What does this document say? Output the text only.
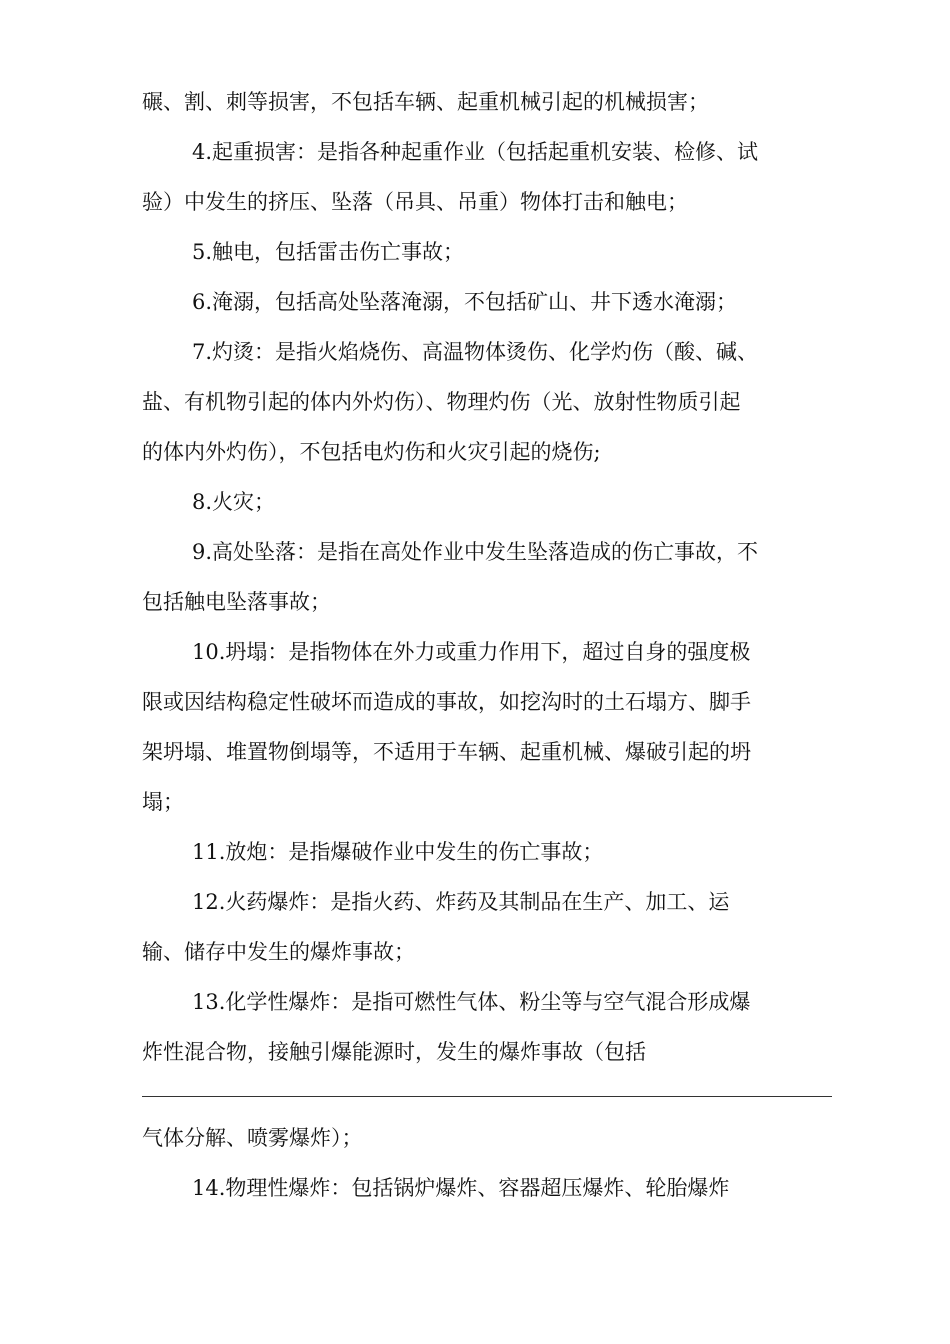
碾、割、刺等损害，不包括车辆、起重机械引起的机械损害；
4.起重损害：是指各种起重作业（包括起重机安装、检修、试
验）中发生的挤压、坠落（吊具、吊重）物体打击和触电；
5.触电，包括雷击伤亡事故；
6.淹溺，包括高处坠落淹溺，不包括矿山、井下透水淹溺；
7.灼烫：是指火焰烧伤、高温物体烫伤、化学灼伤（酸、碱、
盐、有机物引起的体内外灼伤）、物理灼伤（光、放射性物质引起
的体内外灼伤），不包括电灼伤和火灾引起的烧伤;
8.火灾；
9.高处坠落：是指在高处作业中发生坠落造成的伤亡事故，不
包括触电坠落事故；
10.坍塌：是指物体在外力或重力作用下，超过自身的强度极
限或因结构稳定性破坏而造成的事故，如挖沟时的土石塌方、脚手
架坍塌、堆置物倒塌等，不适用于车辆、起重机械、爆破引起的坍
塌；
11.放炮：是指爆破作业中发生的伤亡事故；
12.火药爆炸：是指火药、炸药及其制品在生产、加工、运
输、储存中发生的爆炸事故；
13.化学性爆炸：是指可燃性气体、粉尘等与空气混合形成爆
炸性混合物，接触引爆能源时，发生的爆炸事故（包括
气体分解、喷雾爆炸）；
14.物理性爆炸：包括锅炉爆炸、容器超压爆炸、轮胎爆炸
